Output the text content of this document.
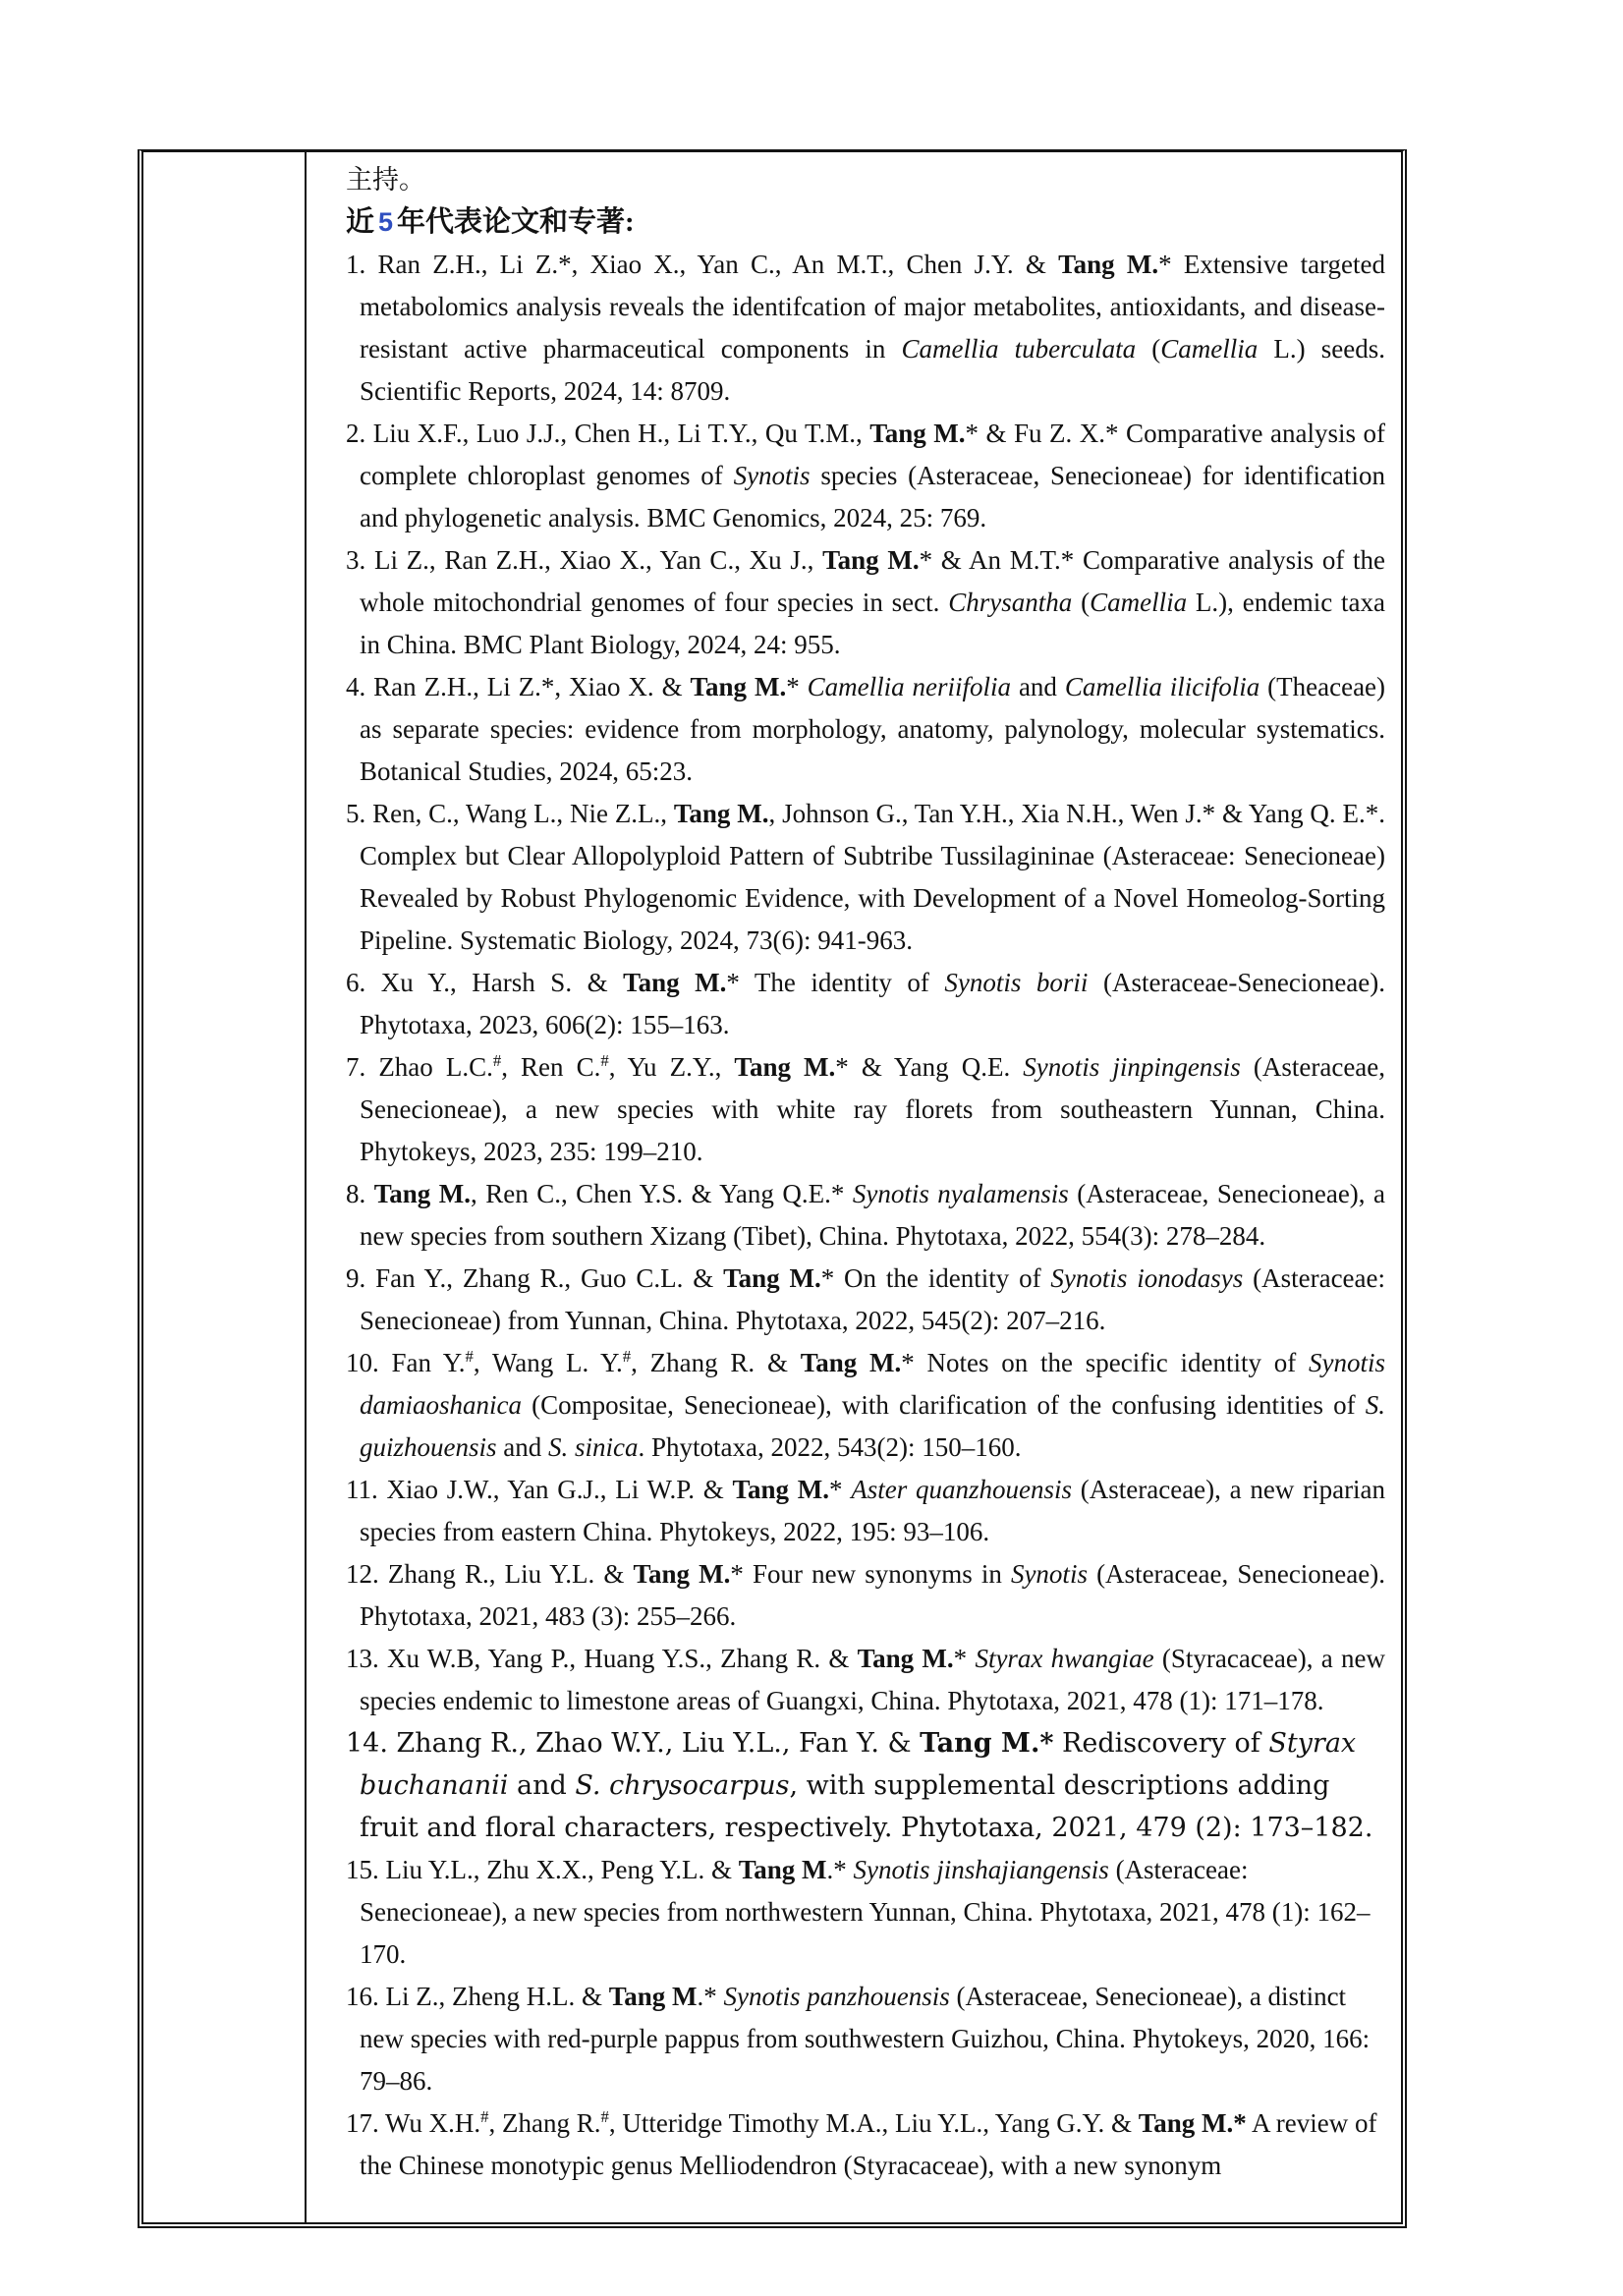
主持。

近 5 年代表论文和专著:

1. Ran Z.H., Li Z.*, Xiao X., Yan C., An M.T., Chen J.Y. & Tang M.* Extensive targeted metabolomics analysis reveals the identifcation of major metabolites, antioxidants, and disease-resistant active pharmaceutical components in Camellia tuberculata (Camellia L.) seeds. Scientific Reports, 2024, 14: 8709.
2. Liu X.F., Luo J.J., Chen H., Li T.Y., Qu T.M., Tang M.* & Fu Z. X.* Comparative analysis of complete chloroplast genomes of Synotis species (Asteraceae, Senecioneae) for identification and phylogenetic analysis. BMC Genomics, 2024, 25: 769.
3. Li Z., Ran Z.H., Xiao X., Yan C., Xu J., Tang M.* & An M.T.* Comparative analysis of the whole mitochondrial genomes of four species in sect. Chrysantha (Camellia L.), endemic taxa in China. BMC Plant Biology, 2024, 24: 955.
4. Ran Z.H., Li Z.*, Xiao X. & Tang M.* Camellia neriifolia and Camellia ilicifolia (Theaceae) as separate species: evidence from morphology, anatomy, palynology, molecular systematics. Botanical Studies, 2024, 65:23.
5. Ren, C., Wang L., Nie Z.L., Tang M., Johnson G., Tan Y.H., Xia N.H., Wen J.* & Yang Q. E.*. Complex but Clear Allopolyploid Pattern of Subtribe Tussilagininae (Asteraceae: Senecioneae) Revealed by Robust Phylogenomic Evidence, with Development of a Novel Homeolog-Sorting Pipeline. Systematic Biology, 2024, 73(6): 941-963.
6. Xu Y., Harsh S. & Tang M.* The identity of Synotis borii (Asteraceae-Senecioneae). Phytotaxa, 2023, 606(2): 155–163.
7. Zhao L.C.#, Ren C.#, Yu Z.Y., Tang M.* & Yang Q.E. Synotis jinpingensis (Asteraceae, Senecioneae), a new species with white ray florets from southeastern Yunnan, China. Phytokeys, 2023, 235: 199–210.
8. Tang M., Ren C., Chen Y.S. & Yang Q.E.* Synotis nyalamensis (Asteraceae, Senecioneae), a new species from southern Xizang (Tibet), China. Phytotaxa, 2022, 554(3): 278–284.
9. Fan Y., Zhang R., Guo C.L. & Tang M.* On the identity of Synotis ionodasys (Asteraceae: Senecioneae) from Yunnan, China. Phytotaxa, 2022, 545(2): 207–216.
10. Fan Y.#, Wang L. Y.#, Zhang R. & Tang M.* Notes on the specific identity of Synotis damiaoshanica (Compositae, Senecioneae), with clarification of the confusing identities of S. guizhouensis and S. sinica. Phytotaxa, 2022, 543(2): 150–160.
11. Xiao J.W., Yan G.J., Li W.P. & Tang M.* Aster quanzhouensis (Asteraceae), a new riparian species from eastern China. Phytokeys, 2022, 195: 93–106.
12. Zhang R., Liu Y.L. & Tang M.* Four new synonyms in Synotis (Asteraceae, Senecioneae). Phytotaxa, 2021, 483 (3): 255–266.
13. Xu W.B, Yang P., Huang Y.S., Zhang R. & Tang M.* Styrax hwangiae (Styracaceae), a new species endemic to limestone areas of Guangxi, China. Phytotaxa, 2021, 478 (1): 171–178.
14. Zhang R., Zhao W.Y., Liu Y.L., Fan Y. & Tang M.* Rediscovery of Styrax buchananii and S. chrysocarpus, with supplemental descriptions adding fruit and floral characters, respectively. Phytotaxa, 2021, 479 (2): 173–182.
15. Liu Y.L., Zhu X.X., Peng Y.L. & Tang M.* Synotis jinshajiangensis (Asteraceae: Senecioneae), a new species from northwestern Yunnan, China. Phytotaxa, 2021, 478 (1): 162–170.
16. Li Z., Zheng H.L. & Tang M.* Synotis panzhouensis (Asteraceae, Senecioneae), a distinct new species with red-purple pappus from southwestern Guizhou, China. Phytokeys, 2020, 166: 79–86.
17. Wu X.H.#, Zhang R.#, Utteridge Timothy M.A., Liu Y.L., Yang G.Y. & Tang M.* A review of the Chinese monotypic genus Melliodendron (Styracaceae), with a new synonym
